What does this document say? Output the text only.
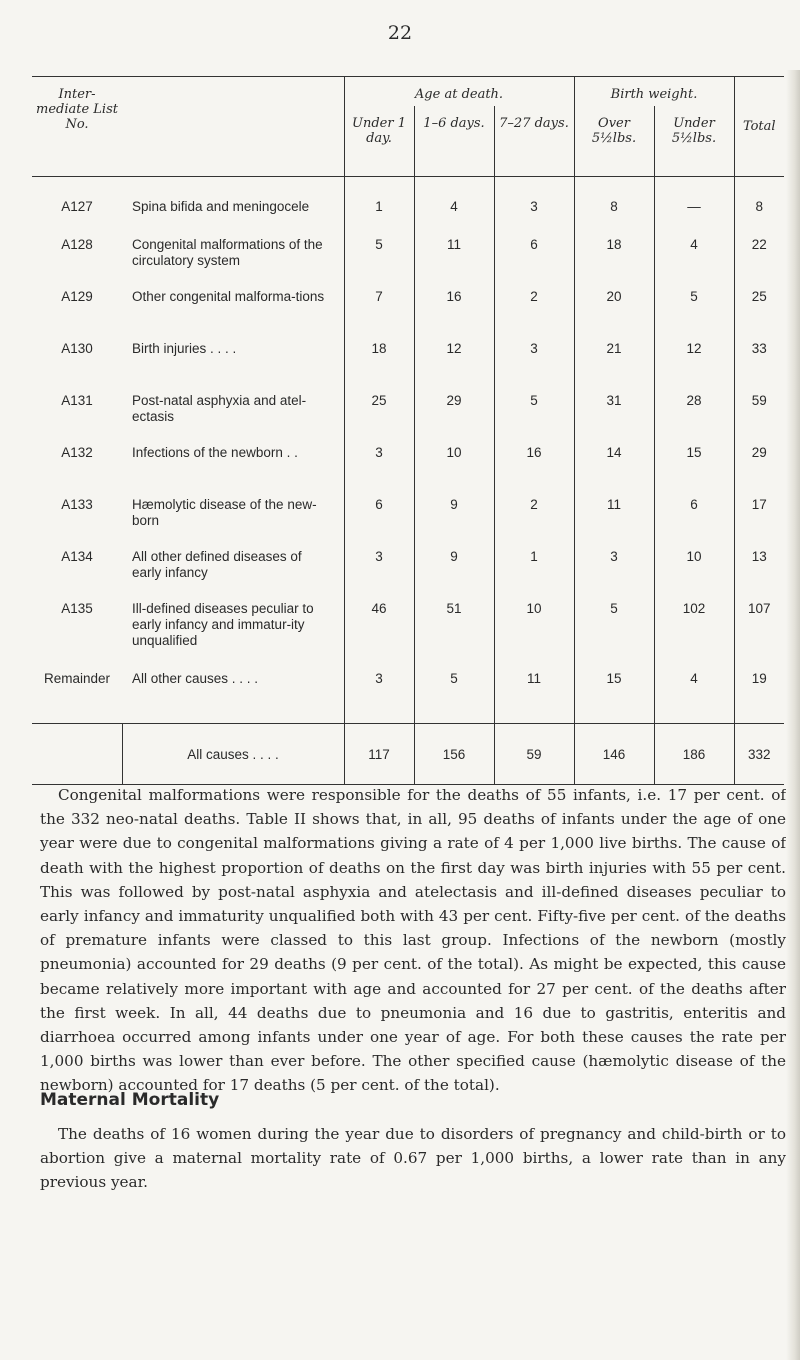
22
Inter-mediate List No.		Age at death.			Birth weight.		Total
		Under 1 day.	1–6 days.	7–27 days.	Over 5½lbs.	Under 5½lbs.	
A127	Spina bifida and meningocele	1	4	3	8	—	8
A128	Congenital malformations of the circulatory system	5	11	6	18	4	22
A129	Other congenital malforma-tions	7	16	2	20	5	25
A130	Birth injuries . . . .	18	12	3	21	12	33
A131	Post-natal asphyxia and atel-ectasis	25	29	5	31	28	59
A132	Infections of the newborn . .	3	10	16	14	15	29
A133	Hæmolytic disease of the new-born	6	9	2	11	6	17
A134	All other defined diseases of early infancy	3	9	1	3	10	13
A135	Ill-defined diseases peculiar to early infancy and immatur-ity unqualified	46	51	10	5	102	107
Remainder	All other causes . . . .	3	5	11	15	4	19
	All causes . . . .	117	156	59	146	186	332

Congenital malformations were responsible for the deaths of 55 infants, i.e. 17 per cent. of the 332 neo-natal deaths. Table II shows that, in all, 95 deaths of infants under the age of one year were due to congenital malformations giving a rate of 4 per 1,000 live births. The cause of death with the highest proportion of deaths on the first day was birth injuries with 55 per cent. This was followed by post-natal asphyxia and atelectasis and ill-defined diseases peculiar to early infancy and immaturity unqualified both with 43 per cent. Fifty-five per cent. of the deaths of premature infants were classed to this last group. Infections of the newborn (mostly pneumonia) accounted for 29 deaths (9 per cent. of the total). As might be expected, this cause became relatively more important with age and accounted for 27 per cent. of the deaths after the first week. In all, 44 deaths due to pneumonia and 16 due to gastritis, enteritis and diarrhoea occurred among infants under one year of age. For both these causes the rate per 1,000 births was lower than ever before. The other specified cause (hæmolytic disease of the newborn) accounted for 17 deaths (5 per cent. of the total).

Maternal Mortality

The deaths of 16 women during the year due to disorders of pregnancy and child-birth or to abortion give a maternal mortality rate of 0.67 per 1,000 births, a lower rate than in any previous year.
